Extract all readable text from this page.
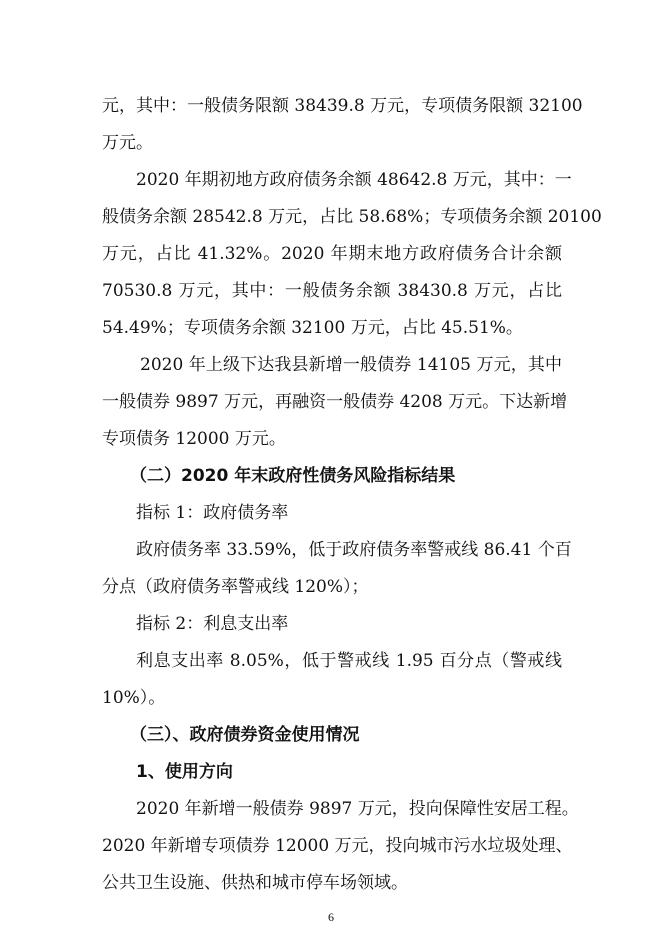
元，其中：一般债务限额 38439.8 万元，专项债务限额 32100
万元。
2020 年期初地方政府债务余额 48642.8 万元，其中：一
般债务余额 28542.8 万元，占比 58.68%；专项债务余额 20100
万元，占比 41.32%。2020 年期末地方政府债务合计余额
70530.8 万元，其中：一般债务余额 38430.8 万元，占比
54.49%；专项债务余额 32100 万元，占比 45.51%。
2020 年上级下达我县新增一般债券 14105 万元，其中
一般债券 9897 万元，再融资一般债券 4208 万元。下达新增
专项债务 12000 万元。
（二）2020 年末政府性债务风险指标结果
指标 1：政府债务率
政府债务率 33.59%，低于政府债务率警戒线 86.41 个百
分点（政府债务率警戒线 120%）；
指标 2：利息支出率
利息支出率 8.05%，低于警戒线 1.95 百分点（警戒线
10%）。
（三）、政府债券资金使用情况
1、使用方向
2020 年新增一般债券 9897 万元，投向保障性安居工程。
2020 年新增专项债券 12000 万元，投向城市污水垃圾处理、
公共卫生设施、供热和城市停车场领域。
6
